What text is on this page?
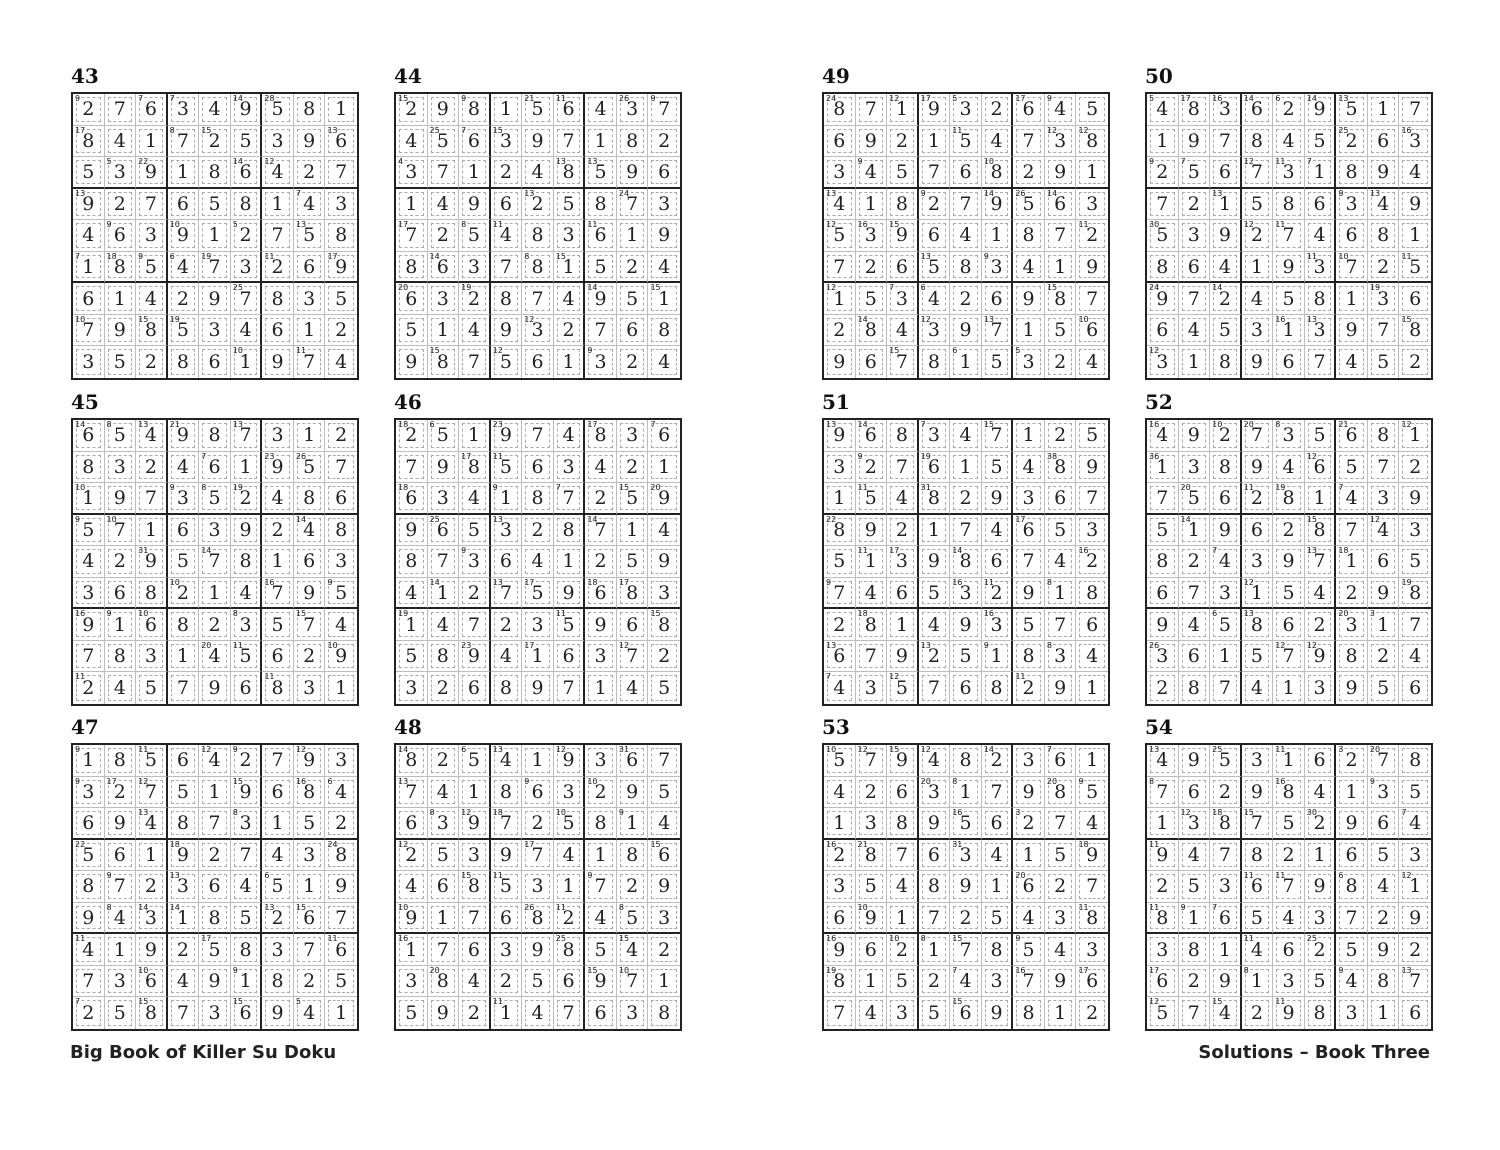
43
9 2 7 7 6 7 3 4 14
9 28
5 8 1
17
8 4 1 8 7 15
2 5 3 9 13
6
5 5 3 22
9 1 8 14
6 12
4 2 7
13
9 2 7 6 5 8 1 7 4 3
4 9 6 3 10
9 1 5 2 7 13
5 8
7 1 18
8 9 5 6 4 19
7 3 11
2 6 17
9
6 1 4 2 9 25
7 8 3 5
10
7 9 15
8 19
5 3 4 6 1 2
3 5 2 8 6
10
1 9
11
7 4
44
15
2 9 9 8 1 21
5 11
6 4 26
3 9 7
4 25
5 7 6 15
3 9 7 1 8 2
4 3 7 1 2 4 13
8 13
5 9 6
1 4 9 6 13
2 5 8 24
7 3
17
7 2 8 5 11
4 8 3 11
6 1 9
8 14
6 3 7 8 8 15
1 5 2 4
20
6 3 19
2 8 7 4 14
9 5 15
1
5 1 4 9 12
3 2 7 6 8
9
15
8 7
12
5 6 1
9
3 2 4
45
14
6 8 5 13
4 21
9 8 13
7 3 1 2
8 3 2 4 7 6 1 23
9 26
5 7
10
1 9 7 9 3 8 5 19
2 4 8 6
9 5 10
7 1 6 3 9 2 14
4 8
4 2 31
9 5 14
7 8 1 6 3
3 6 8 10
2 1 4 16
7 9 9 5
16
9 9 1 10
6 8 2 8 3 5 15
7 4
7 8 3 1 20
4 11
5 6 2 10
9
11
2 4 5 7 9 6
11
8 3 1
46
18
2 6 5 1 23
9 7 4 17
8 3 7 6
7 9 17
8 11
5 6 3 4 2 1
18
6 3 4 9 1 8 7 7 2 15
5 20
9
9 25
6 5 13
3 2 8 14
7 1 4
8 7 9 3 6 4 1 2 5 9
4 14
1 2 13
7 17
5 9 18
6 17
8 3
19
1 4 7 2 3 11
5 9 6 15
8
5 8 23
9 4 17
1 6 3 12
7 2
3 2 6 8 9 7 1 4 5
47
9 1 8 11
5 6 12
4 9 2 7 12
9 3
9 3 17
2 12
7 5 1 15
9 6 16
8 6 4
6 9 13
4 8 7 8 3 1 5 2
22
5 6 1 18
9 2 7 4 3 24
8
8 9 7 2 13
3 6 4 6 5 1 9
9 8 4 14
3 14
1 8 5 13
2 15
6 7
11
4 1 9 2 17
5 8 3 7 11
6
7 3 10
6 4 9 9 1 8 2 5
7
2 5
15
8 7 3
15
6 9
5
4 1
48
14
8 2 6 5 13
4 1 12
9 3 31
6 7
13
7 4 1 8 9 6 3 10
2 9 5
6 8 3 12
9 18
7 2 10
5 8 9 1 4
12
2 5 3 9 17
7 4 1 8 15
6
4 6 15
8 11
5 3 1 9 7 2 9
10
9 1 7 6 26
8 11
2 4 8 5 3
16
1 7 6 3 9 25
8 5 15
4 2
3 20
8 4 2 5 6 15
9 10
7 1
5 9 2
11
1 4 7 6 3 8
49
24
8 7 12
1 17
9 5 3 2 17
6 9 4 5
6 9 2 1 11
5 4 7 12
3 12
8
3 9 4 5 7 6 10
8 2 9 1
13
4 1 8 9 2 7 14
9 26
5 14
6 3
12
5 16
3 15
9 6 4 1 8 7 11
2
7 2 6 13
5 8 9 3 4 1 9
12
1 5 7 3 6 4 2 6 9 15
8 7
2 14
8 4 12
3 9 13
7 1 5 10
6
9 6
15
7 8
6
1 5
5
3 2 4
50
5 4 17
8 16
3 14
6 6 2 14
9 13
5 1 7
1 9 7 8 4 5 25
2 6 16
3
9 2 7 5 6 12
7 11
3 7 1 8 9 4
7 2 13
1 5 8 6 9 3 13
4 9
30
5 3 9 12
2 11
7 4 6 8 1
8 6 4 1 9 11
3 10
7 2 11
5
24
9 7 14
2 4 5 8 1 19
3 6
6 4 5 3 16
1 13
3 9 7 15
8
12
3 1 8 9 6 7 4 5 2
51
13
9 14
6 8 7 3 4 15
7 1 2 5
3 9 2 7 19
6 1 5 4 38
8 9
1 11
5 4 31
8 2 9 3 6 7
22
8 9 2 1 7 4 17
6 5 3
5 11
1 17
3 9 14
8 6 7 4 16
2
9 7 4 6 5 16
3 11
2 9 8 1 8
2 18
8 1 4 9 16
3 5 7 6
13
6 7 9 13
2 5 9 1 8 8 3 4
7
4 3
12
5 7 6 8
11
2 9 1
52
16
4 9 10
2 20
7 8 3 5 21
6 8 12
1
36
1 3 8 9 4 12
6 5 7 2
7 20
5 6 11
2 19
8 1 7 4 3 9
5 14
1 9 6 2 15
8 7 12
4 3
8 2 7 4 3 9 13
7 18
1 6 5
6 7 3 12
1 5 4 2 9 19
8
9 4 6 5 13
8 6 2 20
3 3 1 7
26
3 6 1 5 12
7 12
9 8 2 4
2 8 7 4 1 3 9 5 6
53
10
5 12
7 15
9 12
4 8 14
2 3 7 6 1
4 2 6 20
3 8 1 7 9 20
8 9 5
1 3 8 9 16
5 6 3 2 7 4
16
2 21
8 7 6 31
3 4 1 5 18
9
3 5 4 8 9 1 20
6 2 7
6 10
9 1 7 2 5 4 3 11
8
16
9 6 10
2 8 1 15
7 8 9 5 4 3
19
8 1 5 2 7 4 3 16
7 9 17
6
7 4 3 5
15
6 9 8 1 2
54
13
4 9 25
5 3 11
1 6 3 2 20
7 8
8 7 6 2 9 16
8 4 1 9 3 5
1 12
3 18
8 15
7 5 30
2 9 6 7 4
11
9 4 7 8 2 1 6 5 3
2 5 3 11
6 11
7 9 6 8 4 12
1
11
8 9 1 7 6 5 4 3 7 2 9
3 8 1 11
4 6 25
2 5 9 2
17
6 2 9 8 1 3 5 9 4 8 13
7
12
5 7
15
4 2
11
9 8 3 1 6
Big Book of Killer Su Doku	Solutions – Book Three
